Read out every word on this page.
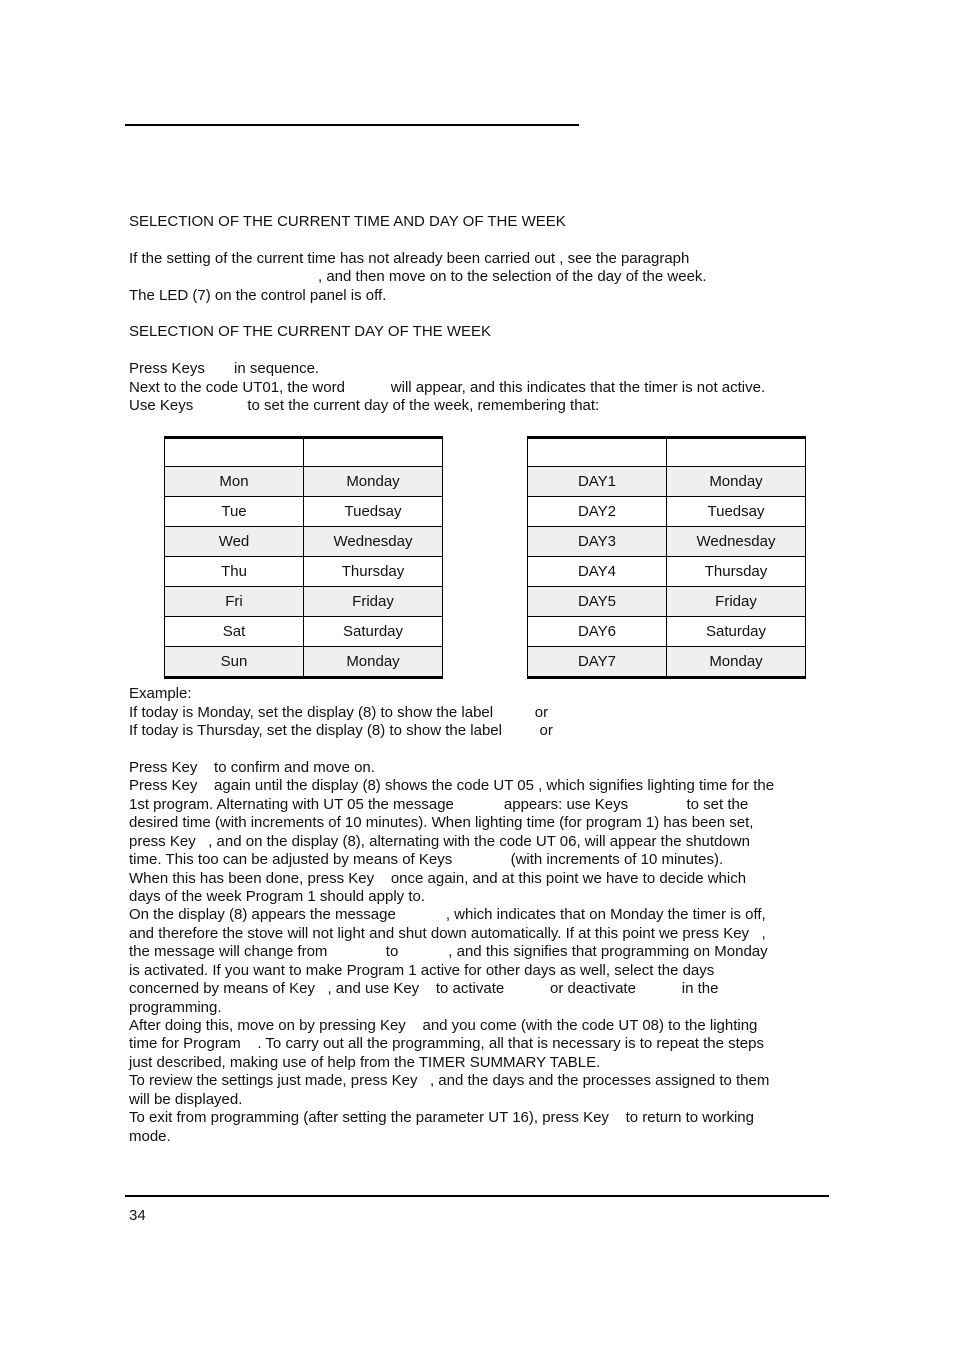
SELECTION OF THE CURRENT TIME AND DAY OF THE WEEK

If the setting of the current time has not already been carried out , see the paragraph

, and then move on to the selection of the day of the week.

The LED (7) on the control panel is off.

SELECTION OF THE CURRENT DAY OF THE WEEK

Press Keys       in sequence.

Next to the code UT01, the word           will appear, and this indicates that the timer is not active.

Use Keys             to set the current day of the week, remembering that:

Mon	Monday
Tue	Tuedsay
Wed	Wednesday
Thu	Thursday
Fri	Friday
Sat	Saturday
Sun	Monday

DAY1	Monday
DAY2	Tuedsay
DAY3	Wednesday
DAY4	Thursday
DAY5	Friday
DAY6	Saturday
DAY7	Monday

Example:

If today is Monday, set the display (8) to show the label          or

If today is Thursday, set the display (8) to show the label         or

Press Key    to confirm and move on.

Press Key    again until the display (8) shows the code UT 05 , which signifies lighting time for the

1st program. Alternating with UT 05 the message            appears: use Keys              to set the

desired time (with increments of 10 minutes). When lighting time (for program 1) has been set,

press Key   , and on the display (8), alternating with the code UT 06, will appear the shutdown

time. This too can be adjusted by means of Keys              (with increments of 10 minutes).

When this has been done, press Key    once again, and at this point we have to decide which

days of the week Program 1 should apply to.

On the display (8) appears the message            , which indicates that on Monday the timer is off,

and therefore the stove will not light and shut down automatically. If at this point we press Key   ,

the message will change from              to            , and this signifies that programming on Monday

is activated. If you want to make Program 1 active for other days as well, select the days

concerned by means of Key   , and use Key    to activate           or deactivate           in the

programming.

After doing this, move on by pressing Key    and you come (with the code UT 08) to the lighting

time for Program    . To carry out all the programming, all that is necessary is to repeat the steps

just described, making use of help from the TIMER SUMMARY TABLE.

To review the settings just made, press Key   , and the days and the processes assigned to them

will be displayed.

To exit from programming (after setting the parameter UT 16), press Key    to return to working

mode.

34
